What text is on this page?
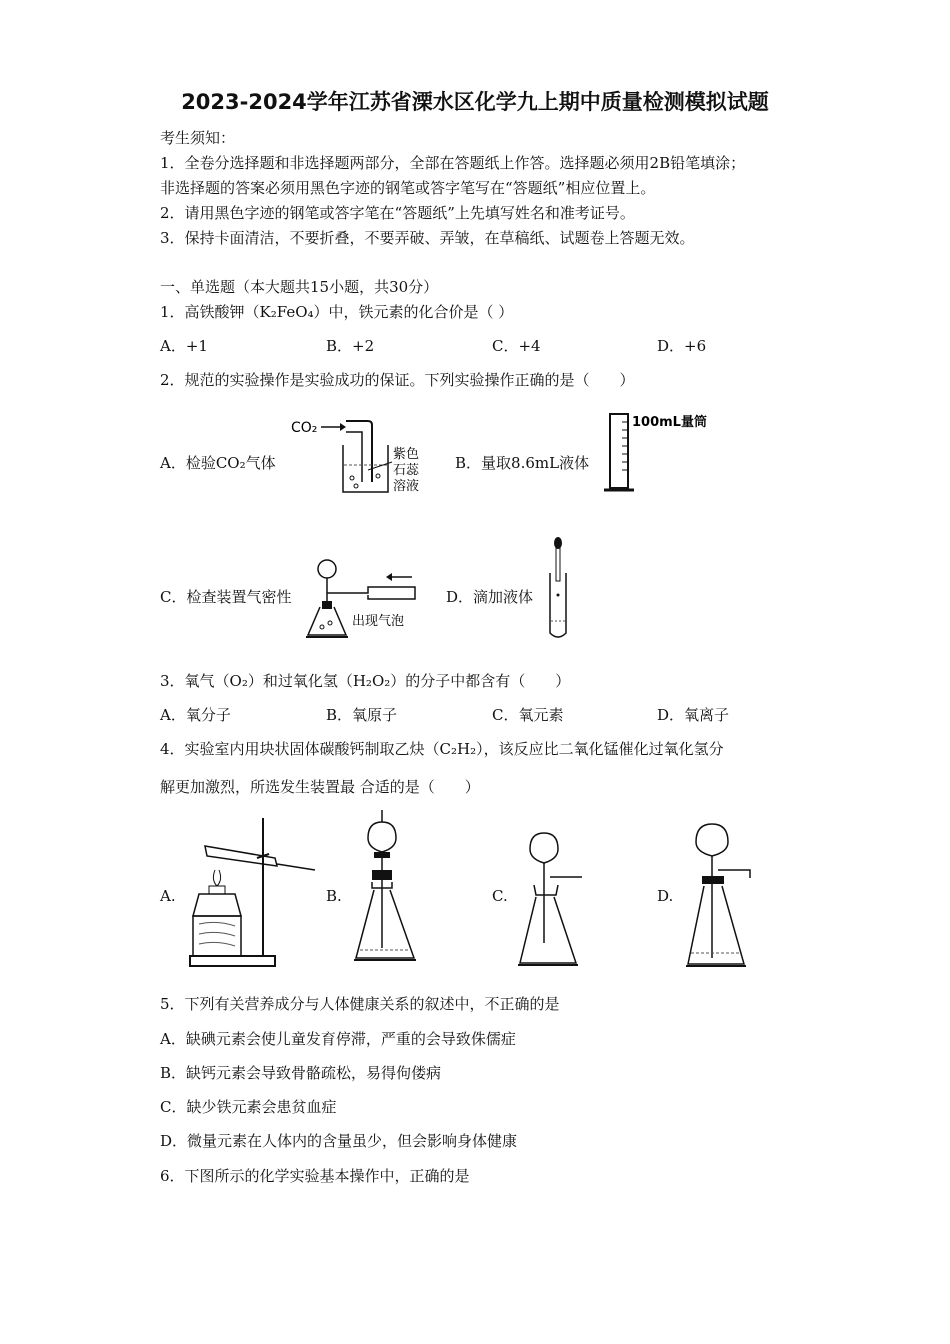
2023-2024学年江苏省溧水区化学九上期中质量检测模拟试题
考生须知：
1．全卷分选择题和非选择题两部分，全部在答题纸上作答。选择题必须用2B铅笔填涂；
非选择题的答案必须用黑色字迹的钢笔或答字笔写在“答题纸”相应位置上。
2．请用黑色字迹的钢笔或答字笔在“答题纸”上先填写姓名和准考证号。
3．保持卡面清洁，不要折叠，不要弄破、弄皱，在草稿纸、试题卷上答题无效。
一、单选题（本大题共15小题，共30分）
1．高铁酸钾（K₂FeO₄）中，铁元素的化合价是（ ）
A．+1	B．+2	C．+4	D．+6
2．规范的实验操作是实验成功的保证。下列实验操作正确的是（　　）
A．检验CO₂气体	B．量取8.6mL液体
C．检查装置气密性	D．滴加液体
CO₂
紫色
石蕊
溶液
100mL量筒
出现气泡
3．氧气（O₂）和过氧化氢（H₂O₂）的分子中都含有（　　）
A．氧分子	B．氧原子	C．氧元素	D．氧离子
4．实验室内用块状固体碳酸钙制取乙炔（C₂H₂），该反应比二氧化锰催化过氧化氢分
解更加激烈，所选发生装置最 合适的是（　　）
A.	B.	C.	D.
5．下列有关营养成分与人体健康关系的叙述中，不正确的是
A．缺碘元素会使儿童发育停滞，严重的会导致侏儒症
B．缺钙元素会导致骨骼疏松，易得佝偻病
C．缺少铁元素会患贫血症
D．微量元素在人体内的含量虽少，但会影响身体健康
6．下图所示的化学实验基本操作中，正确的是
